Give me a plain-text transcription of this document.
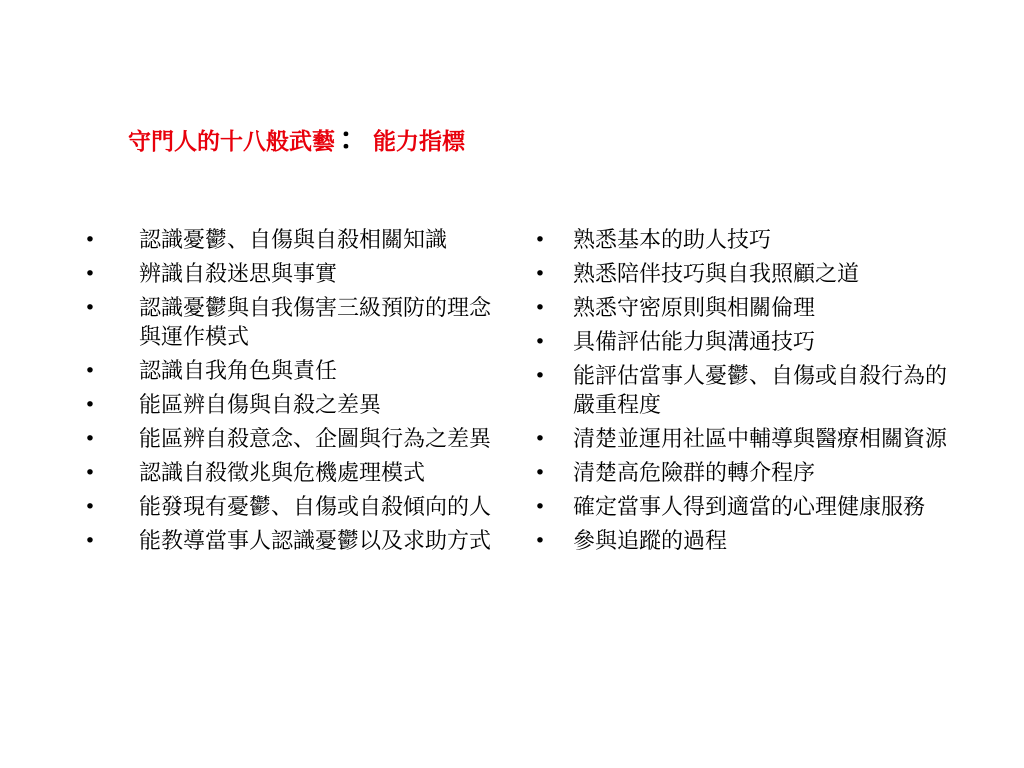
守門人的十八般武藝 ： 能力指標
• 認識憂鬱、自傷與自殺相關知識
• 辨識自殺迷思與事實
• 認識憂鬱與自我傷害三級預防的理念與運作模式
• 認識自我角色與責任
• 能區辨自傷與自殺之差異
• 能區辨自殺意念、企圖與行為之差異
• 認識自殺徵兆與危機處理模式
• 能發現有憂鬱、自傷或自殺傾向的人
• 能教導當事人認識憂鬱以及求助方式
• 熟悉基本的助人技巧
• 熟悉陪伴技巧與自我照顧之道
• 熟悉守密原則與相關倫理
• 具備評估能力與溝通技巧
• 能評估當事人憂鬱、自傷或自殺行為的嚴重程度
• 清楚並運用社區中輔導與醫療相關資源
• 清楚高危險群的轉介程序
• 確定當事人得到適當的心理健康服務
• 參與追蹤的過程
